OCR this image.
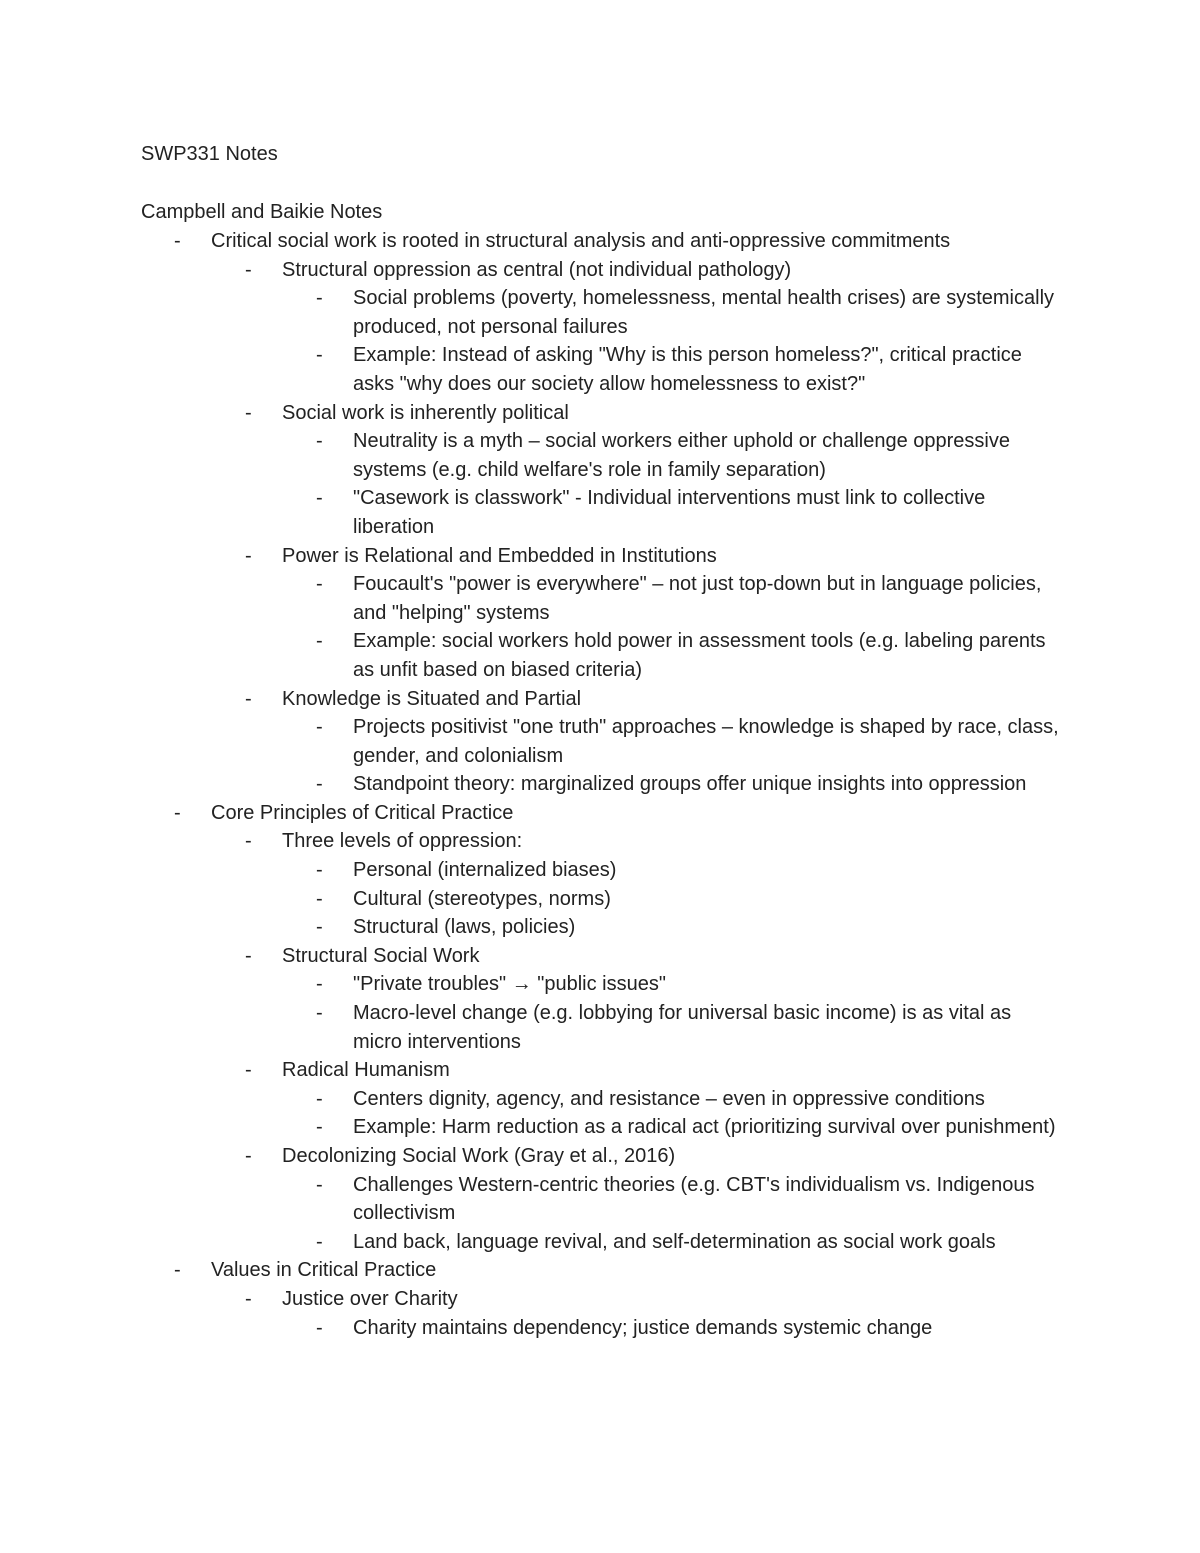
SWP331 Notes
Campbell and Baikie Notes
- Critical social work is rooted in structural analysis and anti-oppressive commitments
- Structural oppression as central (not individual pathology)
- Social problems (poverty, homelessness, mental health crises) are systemically produced, not personal failures
- Example: Instead of asking "Why is this person homeless?", critical practice asks "why does our society allow homelessness to exist?"
- Social work is inherently political
- Neutrality is a myth – social workers either uphold or challenge oppressive systems (e.g. child welfare's role in family separation)
- "Casework is classwork" - Individual interventions must link to collective liberation
- Power is Relational and Embedded in Institutions
- Foucault's "power is everywhere" – not just top-down but in language policies, and "helping" systems
- Example: social workers hold power in assessment tools (e.g. labeling parents as unfit based on biased criteria)
- Knowledge is Situated and Partial
- Projects positivist "one truth" approaches – knowledge is shaped by race, class, gender, and colonialism
- Standpoint theory: marginalized groups offer unique insights into oppression
- Core Principles of Critical Practice
- Three levels of oppression:
- Personal (internalized biases)
- Cultural (stereotypes, norms)
- Structural (laws, policies)
- Structural Social Work
- "Private troubles" → "public issues"
- Macro-level change (e.g. lobbying for universal basic income) is as vital as micro interventions
- Radical Humanism
- Centers dignity, agency, and resistance – even in oppressive conditions
- Example: Harm reduction as a radical act (prioritizing survival over punishment)
- Decolonizing Social Work (Gray et al., 2016)
- Challenges Western-centric theories (e.g. CBT's individualism vs. Indigenous collectivism
- Land back, language revival, and self-determination as social work goals
- Values in Critical Practice
- Justice over Charity
- Charity maintains dependency; justice demands systemic change
